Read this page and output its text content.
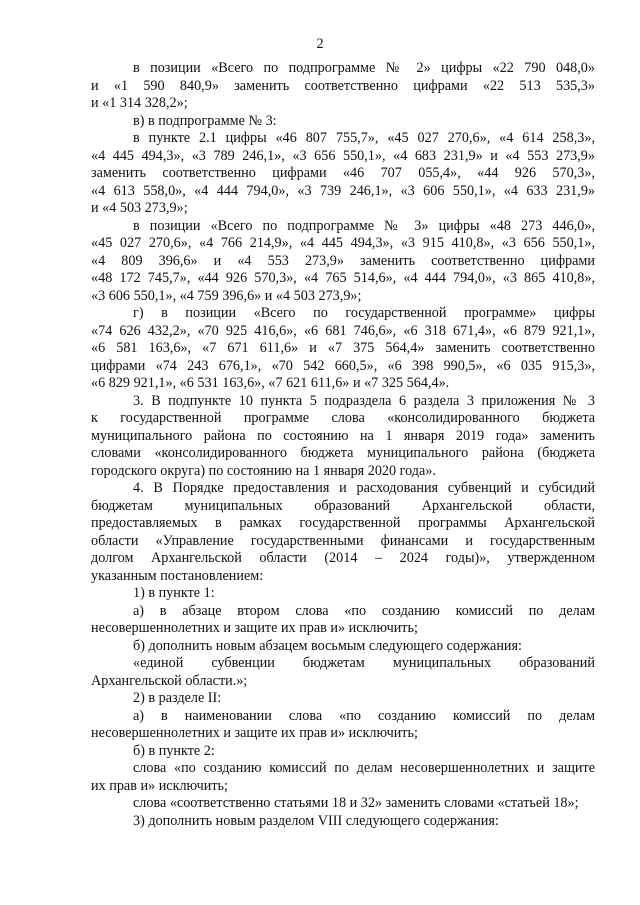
2
в позиции «Всего по подпрограмме № 2» цифры «22 790 048,0»
и «1 590 840,9» заменить соответственно цифрами «22 513 535,3»
и «1 314 328,2»;
в) в подпрограмме № 3:
в пункте 2.1 цифры «46 807 755,7», «45 027 270,6», «4 614 258,3»,
«4 445 494,3», «3 789 246,1», «3 656 550,1», «4 683 231,9» и «4 553 273,9»
заменить соответственно цифрами «46 707 055,4», «44 926 570,3»,
«4 613 558,0», «4 444 794,0», «3 739 246,1», «3 606 550,1», «4 633 231,9»
и «4 503 273,9»;
в позиции «Всего по подпрограмме № 3» цифры «48 273 446,0»,
«45 027 270,6», «4 766 214,9», «4 445 494,3», «3 915 410,8», «3 656 550,1»,
«4 809 396,6» и «4 553 273,9» заменить соответственно цифрами
«48 172 745,7», «44 926 570,3», «4 765 514,6», «4 444 794,0», «3 865 410,8»,
«3 606 550,1», «4 759 396,6» и «4 503 273,9»;
г) в позиции «Всего по государственной программе» цифры
«74 626 432,2», «70 925 416,6», «6 681 746,6», «6 318 671,4», «6 879 921,1»,
«6 581 163,6», «7 671 611,6» и «7 375 564,4» заменить соответственно
цифрами «74 243 676,1», «70 542 660,5», «6 398 990,5», «6 035 915,3»,
«6 829 921,1», «6 531 163,6», «7 621 611,6» и «7 325 564,4».
3. В подпункте 10 пункта 5 подраздела 6 раздела 3 приложения № 3
к государственной программе слова «консолидированного бюджета
муниципального района по состоянию на 1 января 2019 года» заменить
словами «консолидированного бюджета муниципального района (бюджета
городского округа) по состоянию на 1 января 2020 года».
4. В Порядке предоставления и расходования субвенций и субсидий
бюджетам муниципальных образований Архангельской области,
предоставляемых в рамках государственной программы Архангельской
области «Управление государственными финансами и государственным
долгом Архангельской области (2014 – 2024 годы)», утвержденном
указанным постановлением:
1) в пункте 1:
а) в абзаце втором слова «по созданию комиссий по делам
несовершеннолетних и защите их прав и» исключить;
б) дополнить новым абзацем восьмым следующего содержания:
«единой субвенции бюджетам муниципальных образований
Архангельской области.»;
2) в разделе II:
а) в наименовании слова «по созданию комиссий по делам
несовершеннолетних и защите их прав и» исключить;
б) в пункте 2:
слова «по созданию комиссий по делам несовершеннолетних и защите
их прав и» исключить;
слова «соответственно статьями 18 и 32» заменить словами «статьей 18»;
3) дополнить новым разделом VIII следующего содержания:
